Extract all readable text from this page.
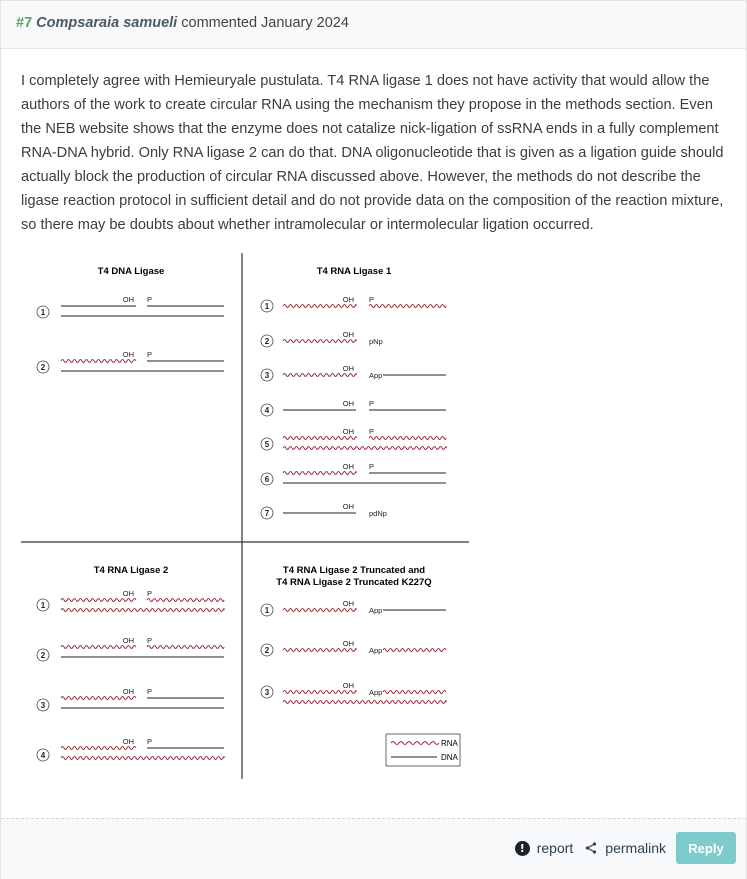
#7 Compsaraia samueli commented January 2024

I completely agree with Hemieuryale pustulata. T4 RNA ligase 1 does not have activity that would allow the authors of the work to create circular RNA using the mechanism they propose in the methods section. Even the NEB website shows that the enzyme does not catalize nick-ligation of ssRNA ends in a fully complement RNA-DNA hybrid. Only RNA ligase 2 can do that. DNA oligonucleotide that is given as a ligation guide should actually block the production of circular RNA discussed above. However, the methods do not describe the ligase reaction protocol in sufficient detail and do not provide data on the composition of the reaction mixture, so there may be doubts about whether intramolecular or intermolecular ligation occurred.

T4 DNA Ligase	T4 RNA Ligase 1
T4 RNA Ligase 2	T4 RNA Ligase 2 Truncated and
T4 RNA Ligase 2 Truncated K227Q
1
OH P
2
OH P
1
OH P
2
OH
pNp
3
OH
App
4
OH P
5
OH P
6
OH P
7
OH
pdNp
1
OH P
2
OH P
3
OH P
4
OH P
1
OH
App
2
OH
App
3
OH
App
RNA
DNA
! report permalink	Reply
